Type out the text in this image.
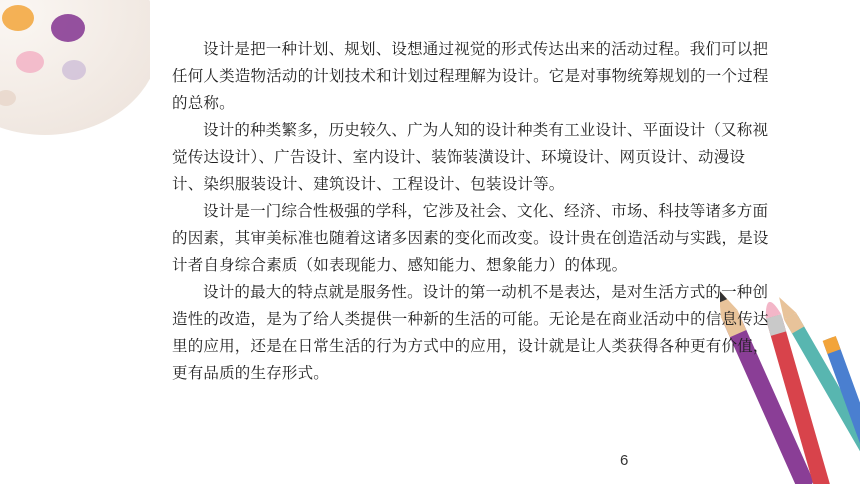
设计是把一种计划、规划、设想通过视觉的形式传达出来的活动过程。我们可以把任何人类造物活动的计划技术和计划过程理解为设计。它是对事物统筹规划的一个过程的总称。

设计的种类繁多，历史较久、广为人知的设计种类有工业设计、平面设计（又称视觉传达设计）、广告设计、室内设计、装饰装潢设计、环境设计、网页设计、动漫设计、染织服装设计、建筑设计、工程设计、包装设计等。

设计是一门综合性极强的学科，它涉及社会、文化、经济、市场、科技等诸多方面的因素，其审美标准也随着这诸多因素的变化而改变。设计贵在创造活动与实践，是设计者自身综合素质（如表现能力、感知能力、想象能力）的体现。

设计的最大的特点就是服务性。设计的第一动机不是表达，是对生活方式的一种创造性的改造，是为了给人类提供一种新的生活的可能。无论是在商业活动中的信息传达里的应用，还是在日常生活的行为方式中的应用，设计就是让人类获得各种更有价值，更有品质的生存形式。

6
